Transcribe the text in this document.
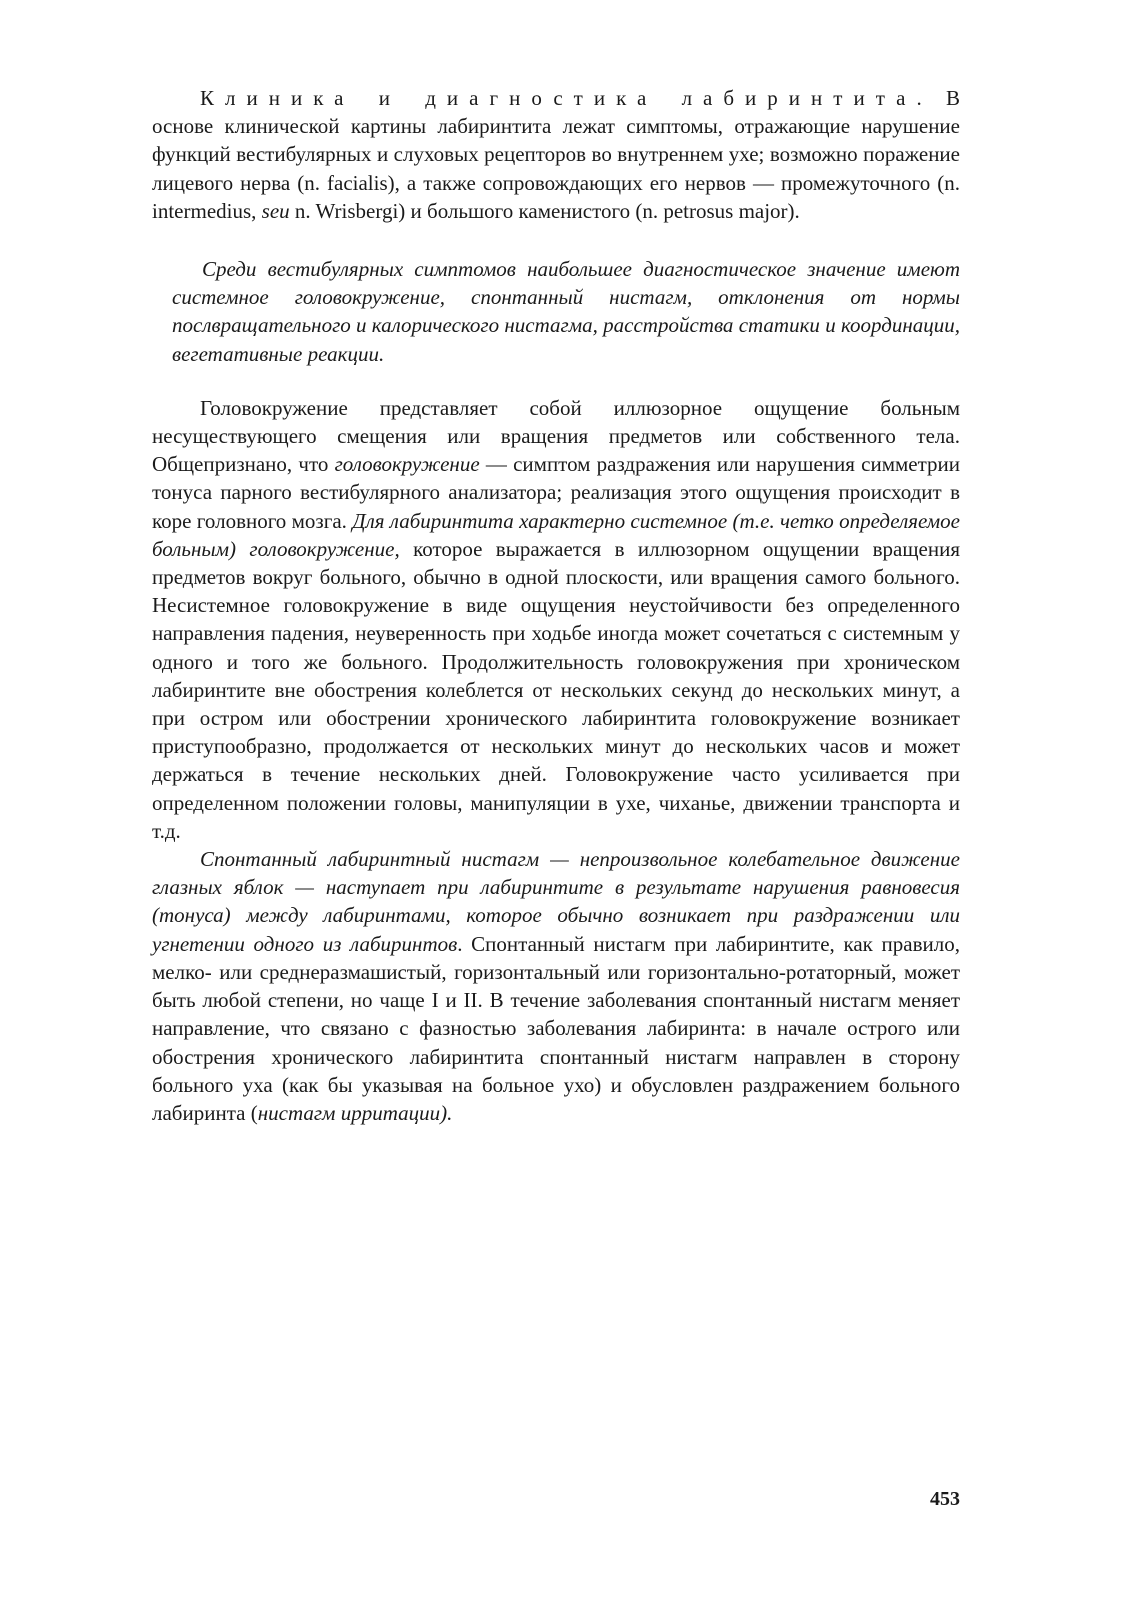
Клиника и диагностика лабиринтита. В основе клинической картины лабиринтита лежат симптомы, отражающие нарушение функций вестибулярных и слуховых рецепторов во внутреннем ухе; возможно поражение лицевого нерва (n. facialis), а также сопровождающих его нервов — промежуточного (n. intermedius, seu n. Wrisbergi) и большого каменистого (n. petrosus major).

Среди вестибулярных симптомов наибольшее диагностическое значение имеют системное головокружение, спонтанный нистагм, отклонения от нормы послвращательного и калорического нистагма, расстройства статики и координации, вегетативные реакции.

Головокружение представляет собой иллюзорное ощущение больным несуществующего смещения или вращения предметов или собственного тела. Общепризнано, что головокружение — симптом раздражения или нарушения симметрии тонуса парного вестибулярного анализатора; реализация этого ощущения происходит в коре головного мозга. Для лабиринтита характерно системное (т.е. четко определяемое больным) головокружение, которое выражается в иллюзорном ощущении вращения предметов вокруг больного, обычно в одной плоскости, или вращения самого больного. Несистемное головокружение в виде ощущения неустойчивости без определенного направления падения, неуверенность при ходьбе иногда может сочетаться с системным у одного и того же больного. Продолжительность головокружения при хроническом лабиринтите вне обострения колеблется от нескольких секунд до нескольких минут, а при остром или обострении хронического лабиринтита головокружение возникает приступообразно, продолжается от нескольких минут до нескольких часов и может держаться в течение нескольких дней. Головокружение часто усиливается при определенном положении головы, манипуляции в ухе, чиханье, движении транспорта и т.д.

Спонтанный лабиринтный нистагм — непроизвольное колебательное движение глазных яблок — наступает при лабиринтите в результате нарушения равновесия (тонуса) между лабиринтами, которое обычно возникает при раздражении или угнетении одного из лабиринтов. Спонтанный нистагм при лабиринтите, как правило, мелко- или среднеразмашистый, горизонтальный или горизонтально-ротаторный, может быть любой степени, но чаще I и II. В течение заболевания спонтанный нистагм меняет направление, что связано с фазностью заболевания лабиринта: в начале острого или обострения хронического лабиринтита спонтанный нистагм направлен в сторону больного уха (как бы указывая на больное ухо) и обусловлен раздражением больного лабиринта (нистагм ирритации).

453
